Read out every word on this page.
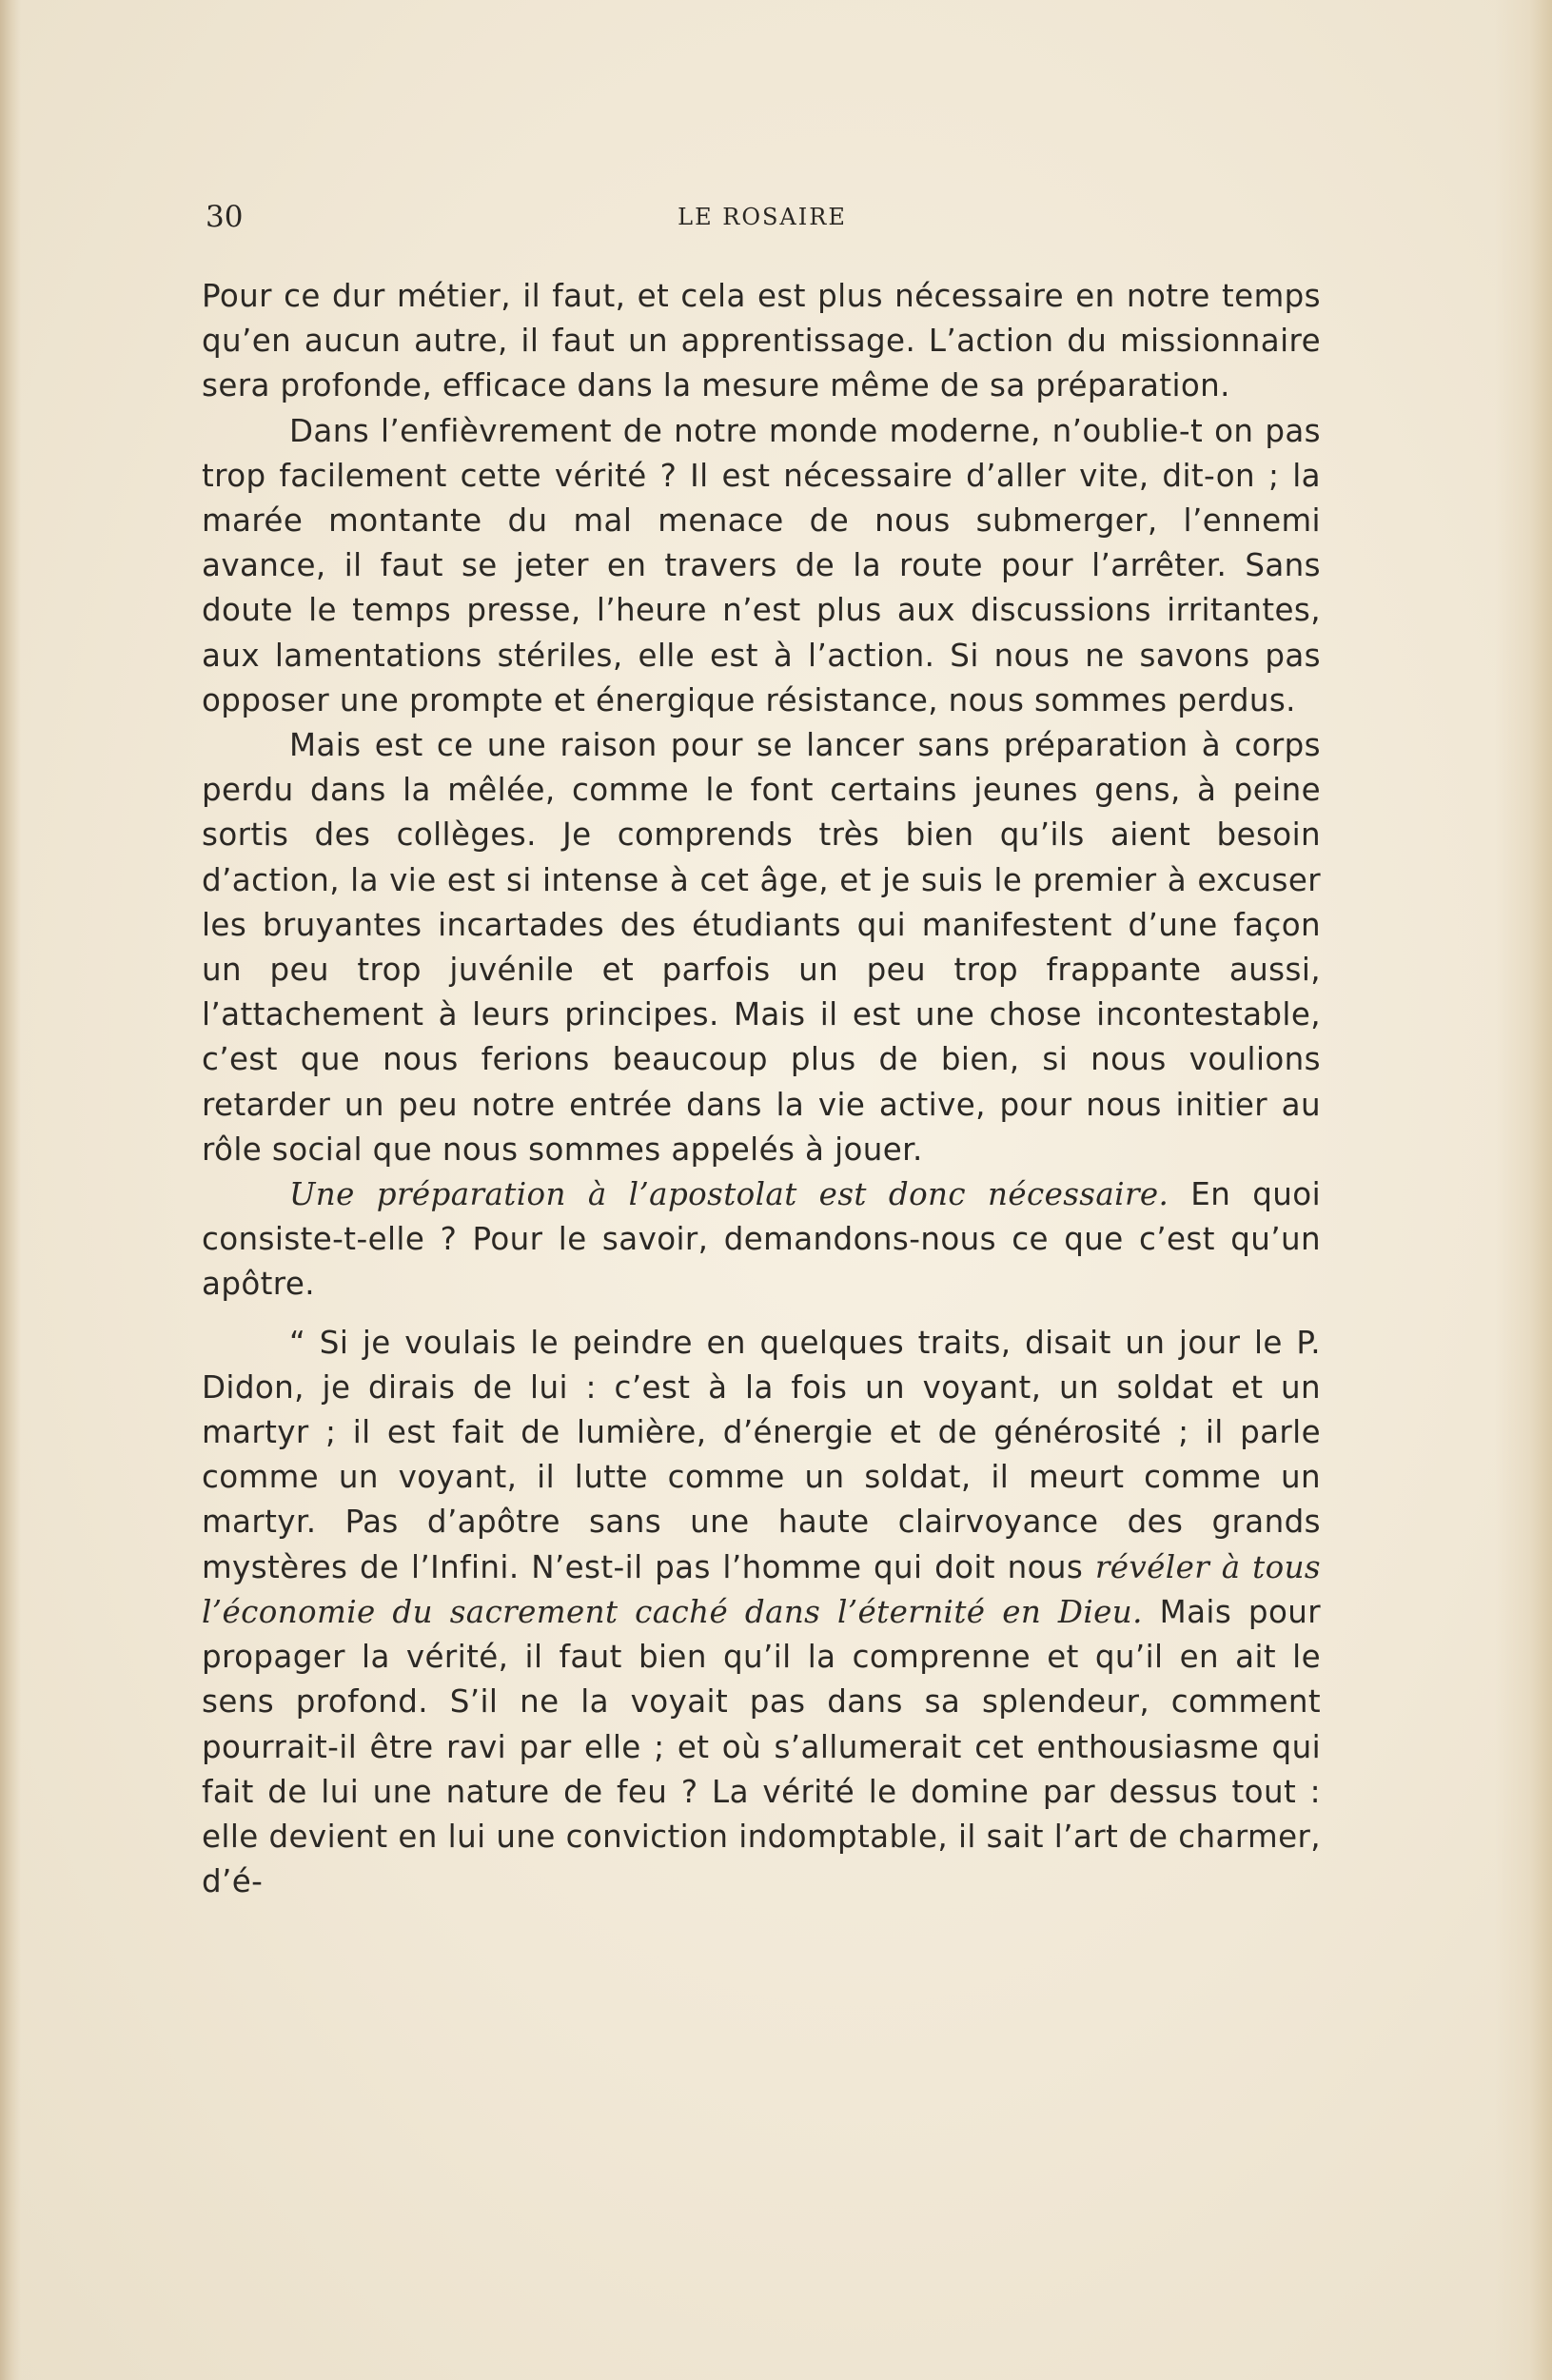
30	LE ROSAIRE

Pour ce dur métier, il faut, et cela est plus nécessaire en notre temps qu’en aucun autre, il faut un apprentissage. L’action du missionnaire sera profonde, efficace dans la mesure même de sa préparation.

Dans l’enfièvrement de notre monde moderne, n’oublie-t on pas trop facilement cette vérité ? Il est nécessaire d’aller vite, dit-on ; la marée montante du mal menace de nous submerger, l’ennemi avance, il faut se jeter en travers de la route pour l’arrêter. Sans doute le temps presse, l’heure n’est plus aux discussions irritantes, aux lamentations stériles, elle est à l’action. Si nous ne savons pas opposer une prompte et énergique résistance, nous sommes perdus.

Mais est ce une raison pour se lancer sans préparation à corps perdu dans la mêlée, comme le font certains jeunes gens, à peine sortis des collèges. Je comprends très bien qu’ils aient besoin d’action, la vie est si intense à cet âge, et je suis le premier à excuser les bruyantes incartades des étudiants qui manifestent d’une façon un peu trop juvénile et parfois un peu trop frappante aussi, l’attachement à leurs principes. Mais il est une chose incontestable, c’est que nous ferions beaucoup plus de bien, si nous voulions retarder un peu notre entrée dans la vie active, pour nous initier au rôle social que nous sommes appelés à jouer.

Une préparation à l’apostolat est donc nécessaire. En quoi consiste-t-elle ? Pour le savoir, demandons-nous ce que c’est qu’un apôtre.

“ Si je voulais le peindre en quelques traits, disait un jour le P. Didon, je dirais de lui : c’est à la fois un voyant, un soldat et un martyr ; il est fait de lumière, d’énergie et de générosité ; il parle comme un voyant, il lutte comme un soldat, il meurt comme un martyr. Pas d’apôtre sans une haute clairvoyance des grands mystères de l’Infini. N’est-il pas l’homme qui doit nous révéler à tous l’économie du sacrement caché dans l’éternité en Dieu. Mais pour propager la vérité, il faut bien qu’il la comprenne et qu’il en ait le sens profond. S’il ne la voyait pas dans sa splendeur, comment pourrait-il être ravi par elle ; et où s’allumerait cet enthousiasme qui fait de lui une nature de feu ? La vérité le domine par dessus tout : elle devient en lui une conviction indomptable, il sait l’art de charmer, d’é-
